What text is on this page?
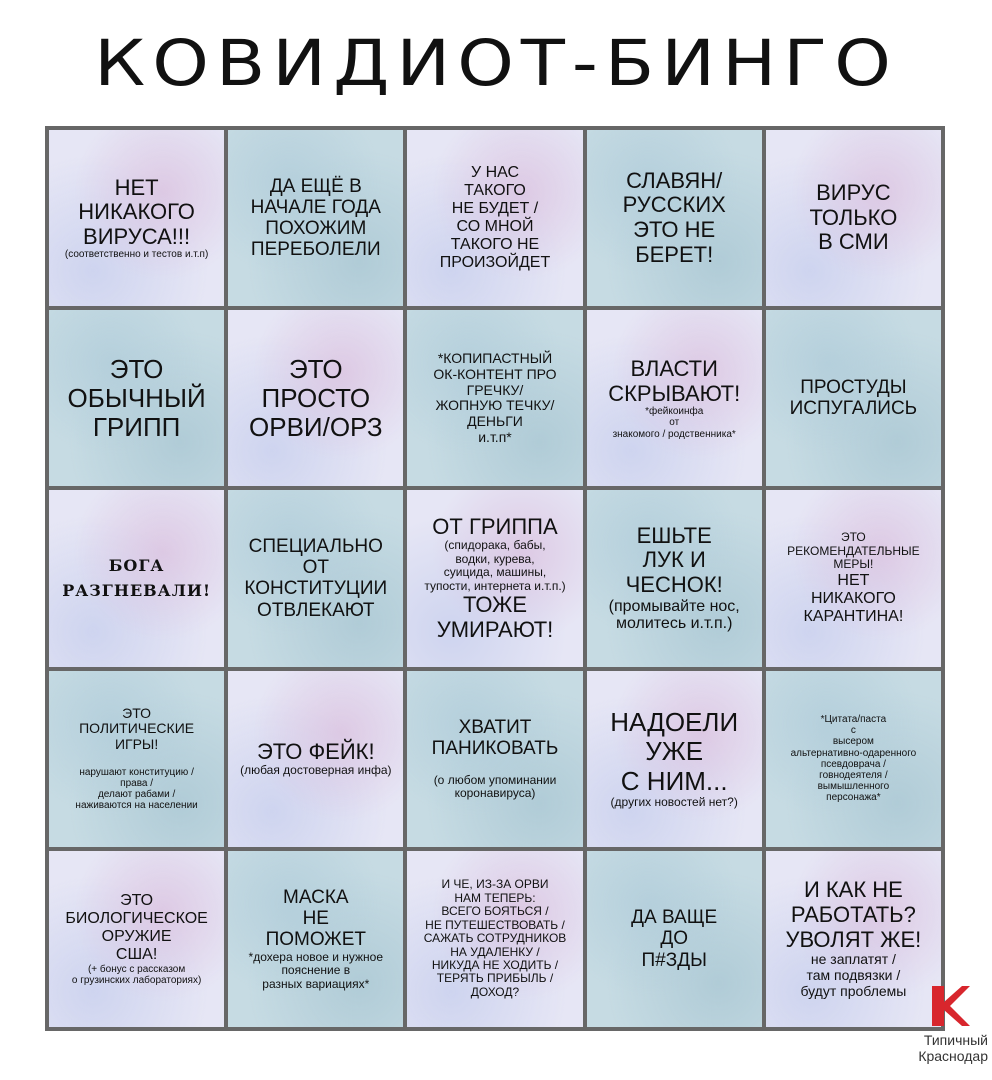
КОВИДИОТ-БИНГО
НЕТ
НИКАКОГО
ВИРУСА!!!
(соответственно и тестов и.т.п)
ДА ЕЩЁ В
НАЧАЛЕ ГОДА
ПОХОЖИМ
ПЕРЕБОЛЕЛИ
У НАС
ТАКОГО
НЕ БУДЕТ /
СО МНОЙ
ТАКОГО НЕ
ПРОИЗОЙДЕТ
СЛАВЯН/
РУССКИХ
ЭТО НЕ
БЕРЕТ!
ВИРУС
ТОЛЬКО
В СМИ
ЭТО
ОБЫЧНЫЙ
ГРИПП
ЭТО
ПРОСТО
ОРВИ/ОРЗ
*КОПИПАСТНЫЙ
ОК-КОНТЕНТ ПРО
ГРЕЧКУ/
ЖОПНУЮ ТЕЧКУ/
ДЕНЬГИ
и.т.п*
ВЛАСТИ
СКРЫВАЮТ!
*фейкоинфа
от
знакомого / родственника*
ПРОСТУДЫ
ИСПУГАЛИСЬ
БОГА
РАЗГНЕВАЛИ!
СПЕЦИАЛЬНО
ОТ
КОНСТИТУЦИИ
ОТВЛЕКАЮТ
ОТ ГРИППА
(спидорака, бабы,
водки, курева,
суицида, машины,
тупости, интернета и.т.п.)
ТОЖЕ
УМИРАЮТ!
ЕШЬТЕ
ЛУК И
ЧЕСНОК!
(промывайте нос,
молитесь и.т.п.)
ЭТО
РЕКОМЕНДАТЕЛЬНЫЕ
МЕРЫ!
НЕТ
НИКАКОГО
КАРАНТИНА!
ЭТО
ПОЛИТИЧЕСКИЕ
ИГРЫ!
нарушают конституцию /
права /
делают рабами /
наживаются на населении
ЭТО ФЕЙК!
(любая достоверная инфа)
ХВАТИТ
ПАНИКОВАТЬ
(о любом упоминании
коронавируса)
НАДОЕЛИ
УЖЕ
С НИМ...
(других новостей нет?)
*Цитата/паста
с
высером
альтернативно-одаренного
псевдоврача /
говнодеятеля /
вымышленного
персонажа*
ЭТО
БИОЛОГИЧЕСКОЕ
ОРУЖИЕ
США!
(+ бонус с рассказом
о грузинских лабораториях)
МАСКА
НЕ
ПОМОЖЕТ
*дохера новое и нужное
пояснение в
разных вариациях*
И ЧЕ, ИЗ-ЗА ОРВИ
НАМ ТЕПЕРЬ:
ВСЕГО БОЯТЬСЯ /
НЕ ПУТЕШЕСТВОВАТЬ /
САЖАТЬ СОТРУДНИКОВ
НА УДАЛЕНКУ /
НИКУДА НЕ ХОДИТЬ /
ТЕРЯТЬ ПРИБЫЛЬ / ДОХОД?
ДА ВАЩЕ
ДО
П#ЗДЫ
И КАК НЕ
РАБОТАТЬ?
УВОЛЯТ ЖЕ!
не заплатят /
там подвязки /
будут проблемы
Типичный
Краснодар
